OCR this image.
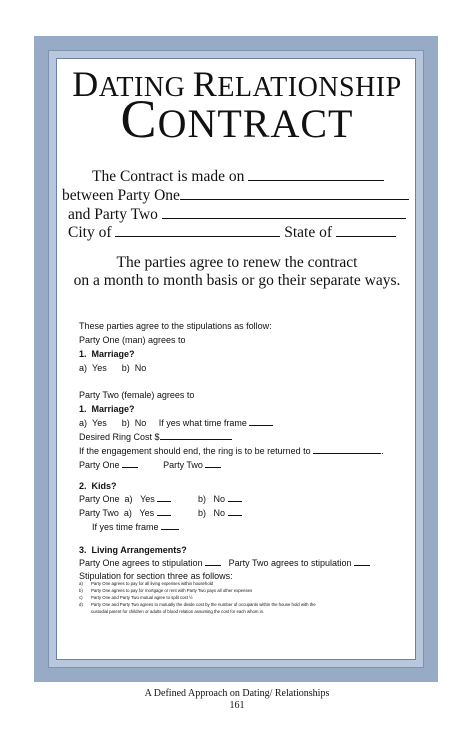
DATING RELATIONSHIP
CONTRACT
The Contract is made on
between Party One
and Party Two
City of	State of
The parties agree to renew the contract
on a month to month basis or go their separate ways.
These parties agree to the stipulations as follow:
Party One (man) agrees to
1. Marriage?
a) Yes b) No
Party Two (female) agrees to
1. Marriage?
a) Yes b) No If yes what time frame
Desired Ring Cost $
If the engagement should end, the ring is to be returned to	.
Party One	Party Two
2. Kids?
Party One a) Yes	b) No
Party Two a) Yes	b) No
If yes time frame
3. Living Arrangements?
Party One agrees to stipulation	Party Two agrees to stipulation
Stipulation for section three as follows:
a) Party One agrees to pay for all living expenses within household
b) Party One agrees to pay for mortgage or rent with Party Two pays all other expenses
c) Party One and Party Two mutual agree to split cost ½
d) Party One and Party Two agrees to mutually the divide cost by the number of occupants within the house hold with the
custodial parent for children or adults of blood relation assuming the cost for each whom in.
A Defined Approach on Dating/ Relationships
161
